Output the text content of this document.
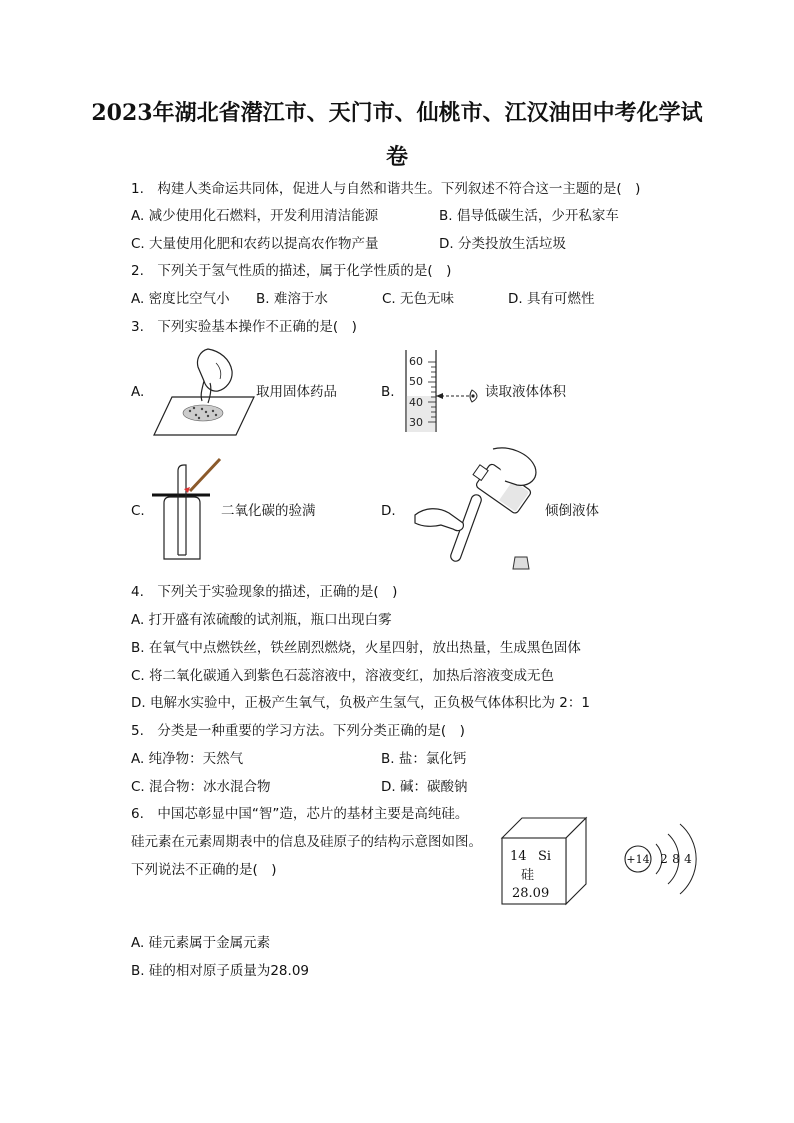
2023年湖北省潜江市、天门市、仙桃市、江汉油田中考化学试
卷
1.　构建人类命运共同体，促进人与自然和谐共生。下列叙述不符合这一主题的是(　)
A. 减少使用化石燃料，开发利用清洁能源	B. 倡导低碳生活，少开私家车
C. 大量使用化肥和农药以提高农作物产量	D. 分类投放生活垃圾
2.　下列关于氢气性质的描述，属于化学性质的是(　)
A. 密度比空气小 B. 难溶于水	C. 无色无味	D. 具有可燃性
3.　下列实验基本操作不正确的是(　)
A.	取用固体药品	B.
60
50
40
30
读取液体体积
C.	二氧化碳的验满	D.	倾倒液体
4.　下列关于实验现象的描述，正确的是(　)
A. 打开盛有浓硫酸的试剂瓶，瓶口出现白雾
B. 在氧气中点燃铁丝，铁丝剧烈燃烧，火星四射，放出热量，生成黑色固体
C. 将二氧化碳通入到紫色石蕊溶液中，溶液变红，加热后溶液变成无色
D. 电解水实验中，正极产生氧气，负极产生氢气，正负极气体体积比为 2：1
5.　分类是一种重要的学习方法。下列分类正确的是(　)
A. 纯净物：天然气	B. 盐：氯化钙
C. 混合物：冰水混合物	D. 碱：碳酸钠
6.　中国芯彰显中国“智”造，芯片的基材主要是高纯硅。
硅元素在元素周期表中的信息及硅原子的结构示意图如图。
下列说法不正确的是(　)
14 Si
硅
28.09
+14 2 8 4
A. 硅元素属于金属元素
B. 硅的相对原子质量为28.09
